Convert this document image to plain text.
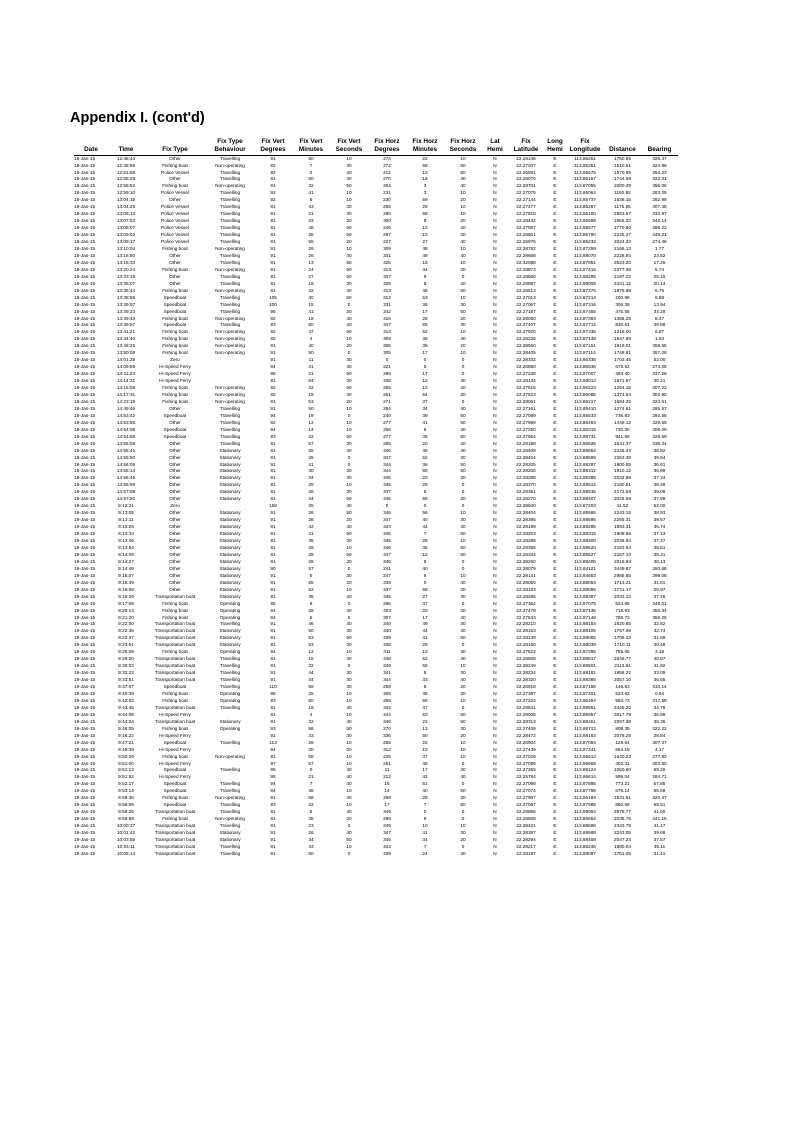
Appendix I. (cont'd)
			Fix Type	Fix Vert	Fix Vert	Fix Vert	Fix Horz	Fix Horz	Fix Horz	Lat	Fix	Long	Fix		
Date	Time	Fix Type	Behaviour	Degrees	Minutes	Seconds	Degrees	Minutes	Seconds	Hemi	Latitude	Hemi	Longitude	Distance	Bearing
18-Jan-15	12:48:43	Other	Travelling	91	50	10	274	22	10	N	22.28145	E	113.86251	1750.65	325.37
18-Jan-15	12:48:55	Fishing boat	Non-operating	92	7	30	272	58	50	N	22.27047	E	113.86351	1510.61	324.98
18-Jan-15	12:51:58	Police Vessel	Travelling	92	2	40	212	13	50	N	22.26591	E	113.85675	1570.59	264.23
18-Jan-15	12:58:28	Other	Travelling	91	50	30	270	18	40	N	22.28076	E	113.86157	1744.58	322.31
18-Jan-15	12:58:52	Fishing boat	Non-operating	91	32	50	304	3	40	N	22.28701	E	113.87055	2080.49	356.06
18-Jan-15	12:59:10	Police Vessel	Travelling	92	41	10	231	3	10	N	22.27075	E	113.86064	1192.92	283.05
18-Jan-15	13:04:15	Other	Travelling	92	5	10	230	59	20	N	22.27144	E	113.85737	1538.16	282.99
18-Jan-15	13:04:29	Police Vessel	Travelling	91	43	30	255	29	10	N	22.27477	E	113.85287	1175.55	307.48
18-Jan-15	13:06:13	Police Vessel	Travelling	91	21	30	280	58	10	N	22.27818	E	113.86150	2563.67	332.97
18-Jan-15	13:07:53	Police Vessel	Travelling	91	43	20	300	8	20	N	22.28432	E	113.86558	1865.03	342.14
18-Jan-15	13:08:07	Police Vessel	Travelling	91	48	50	246	13	40	N	22.27587	E	113.85577	1770.80	288.22
18-Jan-15	13:09:02	Police Vessel	Travelling	91	26	50	297	13	30	N	22.28601	E	113.86790	2225.27	349.21
18-Jan-15	13:09:17	Police Vessel	Travelling	91	55	20	227	27	40	N	22.25975	E	113.85232	2024.33	274.46
18-Jan-15	13:10:04	Fishing boat	Non-operating	91	29	10	309	48	10	N	22.28782	E	113.87259	2166.13	1.77
18-Jan-15	13:16:50	Other	Travelling	91	26	40	331	49	40	N	22.28668	E	113.88070	2228.84	23.82
18-Jan-15	13:18:33	Other	Travelling	91	13	50	325	15	10	N	22.32088	E	113.87951	2523.20	17.25
18-Jan-15	13:20:24	Fishing boat	Non-operating	91	24	50	313	44	30	N	22.28873	E	113.87416	2277.38	5.74
18-Jan-15	13:33:18	Other	Travelling	91	27	50	337	9	0	N	22.28560	E	113.88295	2197.22	29.15
18-Jan-15	13:35:07	Other	Travelling	91	19	30	328	8	40	N	22.28887	E	113.88009	2431.12	20.14
18-Jan-15	13:36:44	Fishing boat	Non-operating	91	42	40	313	46	50	N	22.28513	E	113.87376	1875.98	5.75
18-Jan-15	13:38:55	Speedboat	Travelling	105	30	50	313	53	10	N	22.27013	E	113.87214	200.88	5.88
18-Jan-15	13:39:07	Speedboat	Travelling	100	15	0	331	36	30	N	22.27067	E	113.87316	306.36	13.94
18-Jan-15	13:39:23	Speedboat	Travelling	95	41	20	342	17	50	N	22.27187	E	113.87455	475.58	34.29
18-Jan-15	13:39:43	Fishing boat	Non-operating	92	18	40	316	28	20	N	22.28050	E	113.87393	1385.25	8.47
18-Jan-15	13:39:57	Speedboat	Travelling	93	50	40	347	55	30	N	22.27407	E	113.87714	830.51	39.89
18-Jan-15	13:41:21	Fishing boat	Non-operating	92	37	50	314	52	10	N	22.27920	E	113.87336	1216.00	6.87
18-Jan-15	13:44:40	Fishing boat	Non-operating	92	4	10	309	39	40	N	22.28226	E	113.87138	1547.89	1.63
18-Jan-15	13:48:25	Fishing boat	Non-operating	91	40	20	306	39	20	N	22.28560	E	113.87151	1919.01	358.55
18-Jan-15	13:50:08	Fishing boat	Non-operating	91	50	0	305	17	10	N	22.28405	E	113.87114	1748.61	357.28
18-Jan-15	14:01:28	Zero		91	11	30	0	0	0	N	22.28332	E	113.86338	1703.45	52.00
18-Jan-15	14:09:59	Hi-Speed Ferry		94	41	40	221	5	0	N	22.26850	E	113.86536	678.52	273.08
18-Jan-15	14:11:23	Hi-Speed Ferry		95	21	50	285	17	0	N	22.27248	E	113.87007	493.40	337.28
18-Jan-15	14:14:31	Hi-Speed Ferry		91	54	30	338	12	40	N	22.28134	E	113.88013	1671.57	30.21
18-Jan-15	14:15:08	Fishing boat	Non-operating	92	32	50	255	13	40	N	22.27516	E	113.86223	1254.15	307.22
18-Jan-15	14:17:31	Fishing boat	Non-operating	92	19	30	251	54	20	N	22.27523	E	113.86085	1374.64	303.90
18-Jan-15	14:23:19	Fishing boat	Non-operating	91	53	20	271	37	0	N	22.28061	E	113.86217	1694.25	323.61
18-Jan-15	14:49:46	Other	Travelling	91	50	10	284	34	40	N	22.27161	E	113.85410	1274.61	285.57
18-Jan-15	14:53:42	Speedboat	Travelling	94	19	0	240	39	50	N	22.27089	E	113.85533	736.83	292.55
18-Jan-15	14:53:55	Other	Travelling	92	12	10	277	41	50	N	22.27959	E	113.86493	1449.12	329.69
18-Jan-15	14:54:08	Speedboat	Travelling	94	14	10	256	5	40	N	22.27250	E	113.86315	730.30	308.09
18-Jan-15	14:54:58	Speedboat	Travelling	93	22	50	277	35	50	N	22.27554	E	113.86731	941.96	329.59
18-Jan-15	14:55:08	Other	Travelling	91	57	30	285	20	40	N	22.28198	E	113.86826	1631.37	338.34
18-Jan-15	14:55:41	Other	Stationary	91	25	40	346	49	40	N	22.28408	E	113.88564	2245.43	38.82
18-Jan-15	14:55:50	Other	Stationary	91	25	0	347	52	30	N	22.28404	E	113.88599	2263.39	39.54
18-Jan-15	14:56:05	Other	Stationary	91	41	0	344	36	50	N	22.28205	E	113.88297	1900.55	36.61
18-Jan-15	14:56:14	Other	Stationary	91	40	30	344	59	50	N	22.28205	E	113.88312	1910.12	36.99
18-Jan-15	14:56:45	Other	Stationary	91	34	30	345	20	20	N	22.28288	E	113.88388	2032.88	37.34
18-Jan-15	14:56:59	Other	Stationary	91	28	10	345	29	0	N	22.28370	E	113.88514	2180.91	38.48
18-Jan-15	14:57:08	Other	Stationary	91	28	30	347	5	0	N	22.28351	E	113.88535	2172.59	39.08
18-Jan-15	14:57:20	Other	Stationary	91	34	50	345	59	20	N	22.28270	E	113.88407	2025.69	37.99
19-Jan-15	9:12:21	Zero		158	25	40	0	0	0	N	22.28840	E	113.87203	11.52	52.00
19-Jan-15	9:13:05	Other	Stationary	91	26	50	346	56	10	N	22.28404	E	113.88565	2243.15	38.93
19-Jan-15	9:13:11	Other	Stationary	91	28	20	347	40	30	N	22.28395	E	113.88595	2255.31	39.57
19-Jan-15	9:13:25	Other	Stationary	91	42	40	343	44	30	N	22.28199	E	113.88285	1893.31	36.74
19-Jan-15	9:13:33	Other	Stationary	91	41	50	345	7	50	N	22.28203	E	113.88315	1908.85	37.13
19-Jan-15	9:13:46	Other	Stationary	91	35	30	345	28	10	N	22.28288	E	113.88400	2036.94	37.47
19-Jan-15	9:13:54	Other	Stationary	91	29	10	346	36	50	N	22.28355	E	113.88520	2183.54	38.61
19-Jan-15	9:14:09	Other	Stationary	91	29	50	347	12	50	N	22.28344	E	113.88527	2167.10	39.21
19-Jan-15	9:14:27	Other	Stationary	91	28	30	345	8	0	N	22.28260	E	113.88405	2015.93	38.13
19-Jan-15	9:14:49	Other	Stationary	90	57	0	241	40	0	N	22.28079	E	113.84121	3449.87	293.66
19-Jan-15	9:15:07	Other	Stationary	91	5	30	247	5	10	N	22.28141	E	113.84653	2985.85	299.08
19-Jan-15	9:15:49	Other	Stationary	91	55	20	339	0	40	N	22.28055	E	113.88053	1713.21	31.01
19-Jan-15	9:16:08	Other	Stationary	91	52	10	337	58	30	N	22.28183	E	113.88095	1731.17	29.97
19-Jan-15	9:16:29	Transportation boat	Stationary	91	35	40	345	27	30	N	22.28286	E	113.88397	2033.13	37.45
19-Jan-15	9:17:08	Fishing boat	Operating	95	9	0	296	37	0	N	22.27364	E	113.87075	524.65	348.01
19-Jan-15	9:20:13	Fishing boat	Operating	94	28	40	303	20	30	N	22.27478	E	113.87136	718.93	355.34
19-Jan-15	9:21:20	Fishing boat	Operating	94	5	0	307	17	40	N	22.27543	E	113.87148	788.73	359.29
19-Jan-15	9:22:00	Transportation boat	Travelling	91	46	40	340	49	30	N	22.28210	E	113.88154	1820.85	32.82
19-Jan-15	9:22:36	Transportation boat	Stationary	91	50	30	340	44	30	N	22.28153	E	113.88106	1757.08	32.74
19-Jan-15	9:22:47	Transportation boat	Stationary	91	53	50	339	41	50	N	22.28139	E	113.88065	1705.13	31.69
19-Jan-15	9:23:51	Transportation boat	Stationary	91	53	30	338	29	0	N	22.28160	E	113.88038	1710.11	30.48
19-Jan-15	9:26:09	Fishing boat	Operating	94	12	10	311	10	30	N	22.27522	E	113.87295	755.05	3.18
19-Jan-15	9:29:20	Transportation boat	Travelling	91	16	30	348	52	40	N	22.28508	E	113.88817	2549.77	40.87
19-Jan-15	9:30:03	Transportation boat	Travelling	91	32	0	349	55	10	N	22.28249	E	113.88501	2113.84	41.92
19-Jan-15	9:32:23	Transportation boat	Travelling	91	44	30	341	5	30	N	22.28234	E	113.88181	1858.22	33.09
19-Jan-15	9:33:51	Transportation boat	Travelling	91	34	30	344	33	40	N	22.28320	E	113.88385	2057.10	36.55
19-Jan-15	9:37:07	Speedboat	Travelling	110	59	30	258	8	20	N	22.26918	E	113.87168	146.53	310.14
19-Jan-15	9:40:39	Fishing boat	Operating	95	25	10	308	38	20	N	22.27367	E	113.87201	523.82	0.64
19-Jan-15	9:42:52	Fishing boat	Operating	93	50	10	255	59	10	N	22.27224	E	113.86454	583.73	317.58
19-Jan-15	9:43:45	Transportation boat	Travelling	91	19	40	342	47	0	N	22.28541	E	113.88551	2445.20	34.78
19-Jan-15	9:44:08	Hi-Speed Ferry		91	4	10	344	53	50	N	22.29005	E	113.88957	3017.79	36.89
19-Jan-15	9:44:24	Transportation boat	Stationary	91	32	40	346	22	50	N	22.28313	E	113.88451	2097.38	38.36
19-Jan-15	9:46:05	Fishing boat	Operating	93	58	50	270	13	30	N	22.27408	E	113.86713	808.39	322.22
19-Jan-15	9:46:22	Hi-Speed Ferry		91	33	30	336	50	20	N	22.28472	E	113.88163	2078.28	28.84
19-Jan-15	9:47:21	Speedboat	Travelling	113	26	10	255	22	10	N	22.26904	E	113.87094	129.64	307.37
19-Jan-15	9:49:39	Hi-Speed Ferry		94	30	20	312	10	10	N	22.27439	E	113.87241	654.19	4.17
19-Jan-15	9:50:29	Fishing boat	Non-operating	91	58	10	225	37	10	N	22.27029	E	113.85613	1640.23	277.82
19-Jan-15	9:51:00	Hi-Speed Ferry		97	57	10	251	48	0	N	22.27095	E	113.86669	402.31	303.80
19-Jan-15	9:51:13	Speedboat	Travelling	95	0	40	11	17	30	N	22.27265	E	113.88124	1060.60	69.29
19-Jan-15	9:51:52	Hi-Speed Ferry		95	21	40	212	42	40	N	22.25784	E	113.86614	599.04	284.71
19-Jan-15	9:52:17	Speedboat	Travelling	94	7	40	15	51	0	N	22.27098	E	113.87895	773.21	67.85
19-Jan-15	9:53:14	Speedboat	Travelling	94	45	10	14	40	50	N	22.27074	E	113.87798	676.14	65.68
19-Jan-15	9:55:36	Fishing boat	Non-operating	91	58	40	258	28	20	N	22.27957	E	113.86184	1531.91	320.47
19-Jan-15	9:56:59	Speedboat	Travelling	93	22	10	17	7	50	N	22.27097	E	113.87985	860.56	69.51
19-Jan-15	9:58:25	Transportation boat	Travelling	91	5	40	349	0	0	N	22.28855	E	113.89094	2976.77	41.00
19-Jan-15	9:58:58	Fishing boat	Non-operating	91	35	20	289	9	0	N	22.28508	E	113.86554	2036.76	341.15
19-Jan-15	10:00:37	Transportation boat	Travelling	91	23	0	349	10	10	N	22.28421	E	113.88698	2343.79	41.17
19-Jan-15	10:01:42	Transportation boat	Stationary	91	26	40	347	41	30	N	22.28387	E	113.88588	2243.05	39.69
19-Jan-15	10:03:55	Transportation boat	Stationary	91	34	50	345	34	20	N	22.28294	E	113.88408	2047.23	37.57
19-Jan-15	10:04:11	Transportation boat	Travelling	91	43	10	343	7	0	N	22.28217	E	113.88246	1880.04	35.11
19-Jan-15	10:05:14	Transportation boat	Travelling	91	50	0	339	24	40	N	22.28187	E	113.88087	1761.05	31.41
